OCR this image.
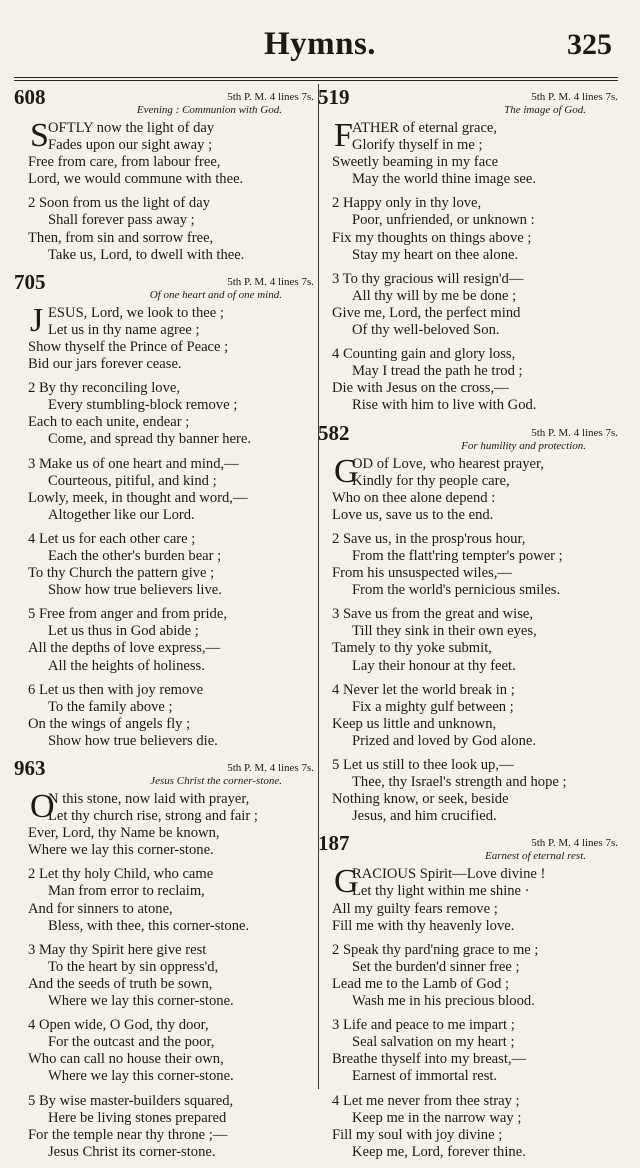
Hymns.	325
608	5th P. M. 4 lines 7s.
Evening : Communion with God.
S OFTLY now the light of day
Fades upon our sight away ;
Free from care, from labour free,
Lord, we would commune with thee.
2 Soon from us the light of day
Shall forever pass away ;
Then, from sin and sorrow free,
Take us, Lord, to dwell with thee.
705	5th P. M. 4 lines 7s.
Of one heart and of one mind.
J ESUS, Lord, we look to thee ;
Let us in thy name agree ;
Show thyself the Prince of Peace ;
Bid our jars forever cease.
2 By thy reconciling love,
Every stumbling-block remove ;
Each to each unite, endear ;
Come, and spread thy banner here.
3 Make us of one heart and mind,—
Courteous, pitiful, and kind ;
Lowly, meek, in thought and word,—
Altogether like our Lord.
4 Let us for each other care ;
Each the other's burden bear ;
To thy Church the pattern give ;
Show how true believers live.
5 Free from anger and from pride,
Let us thus in God abide ;
All the depths of love express,—
All the heights of holiness.
6 Let us then with joy remove
To the family above ;
On the wings of angels fly ;
Show how true believers die.
963	5th P. M. 4 lines 7s.
Jesus Christ the corner-stone.
O
N this stone, now laid with prayer,
Let thy church rise, strong and fair ;
Ever, Lord, thy Name be known,
Where we lay this corner-stone.
2 Let thy holy Child, who came
Man from error to reclaim,
And for sinners to atone,
Bless, with thee, this corner-stone.
3 May thy Spirit here give rest
To the heart by sin oppress'd,
And the seeds of truth be sown,
Where we lay this corner-stone.
4 Open wide, O God, thy door,
For the outcast and the poor,
Who can call no house their own,
Where we lay this corner-stone.
5 By wise master-builders squared,
Here be living stones prepared
For the temple near thy throne ;—
Jesus Christ its corner-stone.
519	5th P. M. 4 lines 7s.
The image of God.
F ATHER of eternal grace,
Glorify thyself in me ;
Sweetly beaming in my face
May the world thine image see.
2 Happy only in thy love,
Poor, unfriended, or unknown :
Fix my thoughts on things above ;
Stay my heart on thee alone.
3 To thy gracious will resign'd—
All thy will by me be done ;
Give me, Lord, the perfect mind
Of thy well-beloved Son.
4 Counting gain and glory loss,
May I tread the path he trod ;
Die with Jesus on the cross,—
Rise with him to live with God.
582	5th P. M. 4 lines 7s.
For humility and protection.
G
OD of Love, who hearest prayer,
Kindly for thy people care,
Who on thee alone depend :
Love us, save us to the end.
2 Save us, in the prosp'rous hour,
From the flatt'ring tempter's power ;
From his unsuspected wiles,—
From the world's pernicious smiles.
3 Save us from the great and wise,
Till they sink in their own eyes,
Tamely to thy yoke submit,
Lay their honour at thy feet.
4 Never let the world break in ;
Fix a mighty gulf between ;
Keep us little and unknown,
Prized and loved by God alone.
5 Let us still to thee look up,—
Thee, thy Israel's strength and hope ;
Nothing know, or seek, beside
Jesus, and him crucified.
187	5th P. M. 4 lines 7s.
Earnest of eternal rest.
G
RACIOUS Spirit—Love divine !
Let thy light within me shine ·
All my guilty fears remove ;
Fill me with thy heavenly love.
2 Speak thy pard'ning grace to me ;
Set the burden'd sinner free ;
Lead me to the Lamb of God ;
Wash me in his precious blood.
3 Life and peace to me impart ;
Seal salvation on my heart ;
Breathe thyself into my breast,—
Earnest of immortal rest.
4 Let me never from thee stray ;
Keep me in the narrow way ;
Fill my soul with joy divine ;
Keep me, Lord, forever thine.
